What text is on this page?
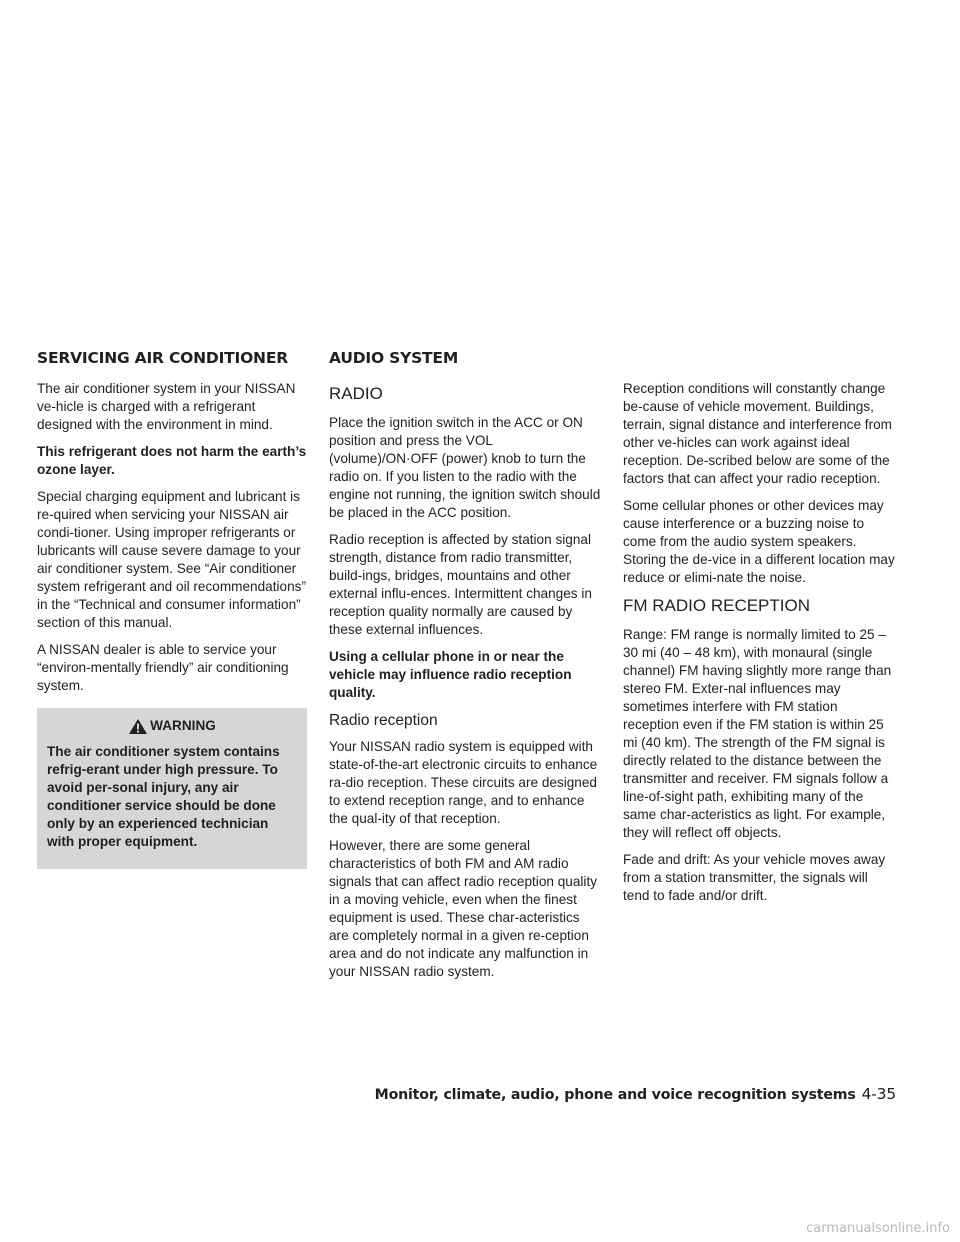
SERVICING AIR CONDITIONER	AUDIO SYSTEM

The air conditioner system in your NISSAN ve-hicle is charged with a refrigerant designed with the environment in mind.

This refrigerant does not harm the earth’s ozone layer.

Special charging equipment and lubricant is re-quired when servicing your NISSAN air condi-tioner. Using improper refrigerants or lubricants will cause severe damage to your air conditioner system. See “Air conditioner system refrigerant and oil recommendations” in the “Technical and consumer information” section of this manual.

A NISSAN dealer is able to service your “environ-mentally friendly” air conditioning system.

WARNING

The air conditioner system contains refrig-erant under high pressure. To avoid per-sonal injury, any air conditioner service should be done only by an experienced technician with proper equipment.

RADIO

Place the ignition switch in the ACC or ON position and press the VOL (volume)/ON·OFF (power) knob to turn the radio on. If you listen to the radio with the engine not running, the ignition switch should be placed in the ACC position.

Radio reception is affected by station signal strength, distance from radio transmitter, build-ings, bridges, mountains and other external influ-ences. Intermittent changes in reception quality normally are caused by these external influences.

Using a cellular phone in or near the vehicle may influence radio reception quality.

Radio reception

Your NISSAN radio system is equipped with state-of-the-art electronic circuits to enhance ra-dio reception. These circuits are designed to extend reception range, and to enhance the qual-ity of that reception.

However, there are some general characteristics of both FM and AM radio signals that can affect radio reception quality in a moving vehicle, even when the finest equipment is used. These char-acteristics are completely normal in a given re-ception area and do not indicate any malfunction in your NISSAN radio system.

Reception conditions will constantly change be-cause of vehicle movement. Buildings, terrain, signal distance and interference from other ve-hicles can work against ideal reception. De-scribed below are some of the factors that can affect your radio reception.

Some cellular phones or other devices may cause interference or a buzzing noise to come from the audio system speakers. Storing the de-vice in a different location may reduce or elimi-nate the noise.

FM RADIO RECEPTION

Range: FM range is normally limited to 25 – 30 mi (40 – 48 km), with monaural (single channel) FM having slightly more range than stereo FM. Exter-nal influences may sometimes interfere with FM station reception even if the FM station is within 25 mi (40 km). The strength of the FM signal is directly related to the distance between the transmitter and receiver. FM signals follow a line-of-sight path, exhibiting many of the same char-acteristics as light. For example, they will reflect off objects.

Fade and drift: As your vehicle moves away from a station transmitter, the signals will tend to fade and/or drift.

Monitor, climate, audio, phone and voice recognition systems 4-35
carmanualsonline.info
